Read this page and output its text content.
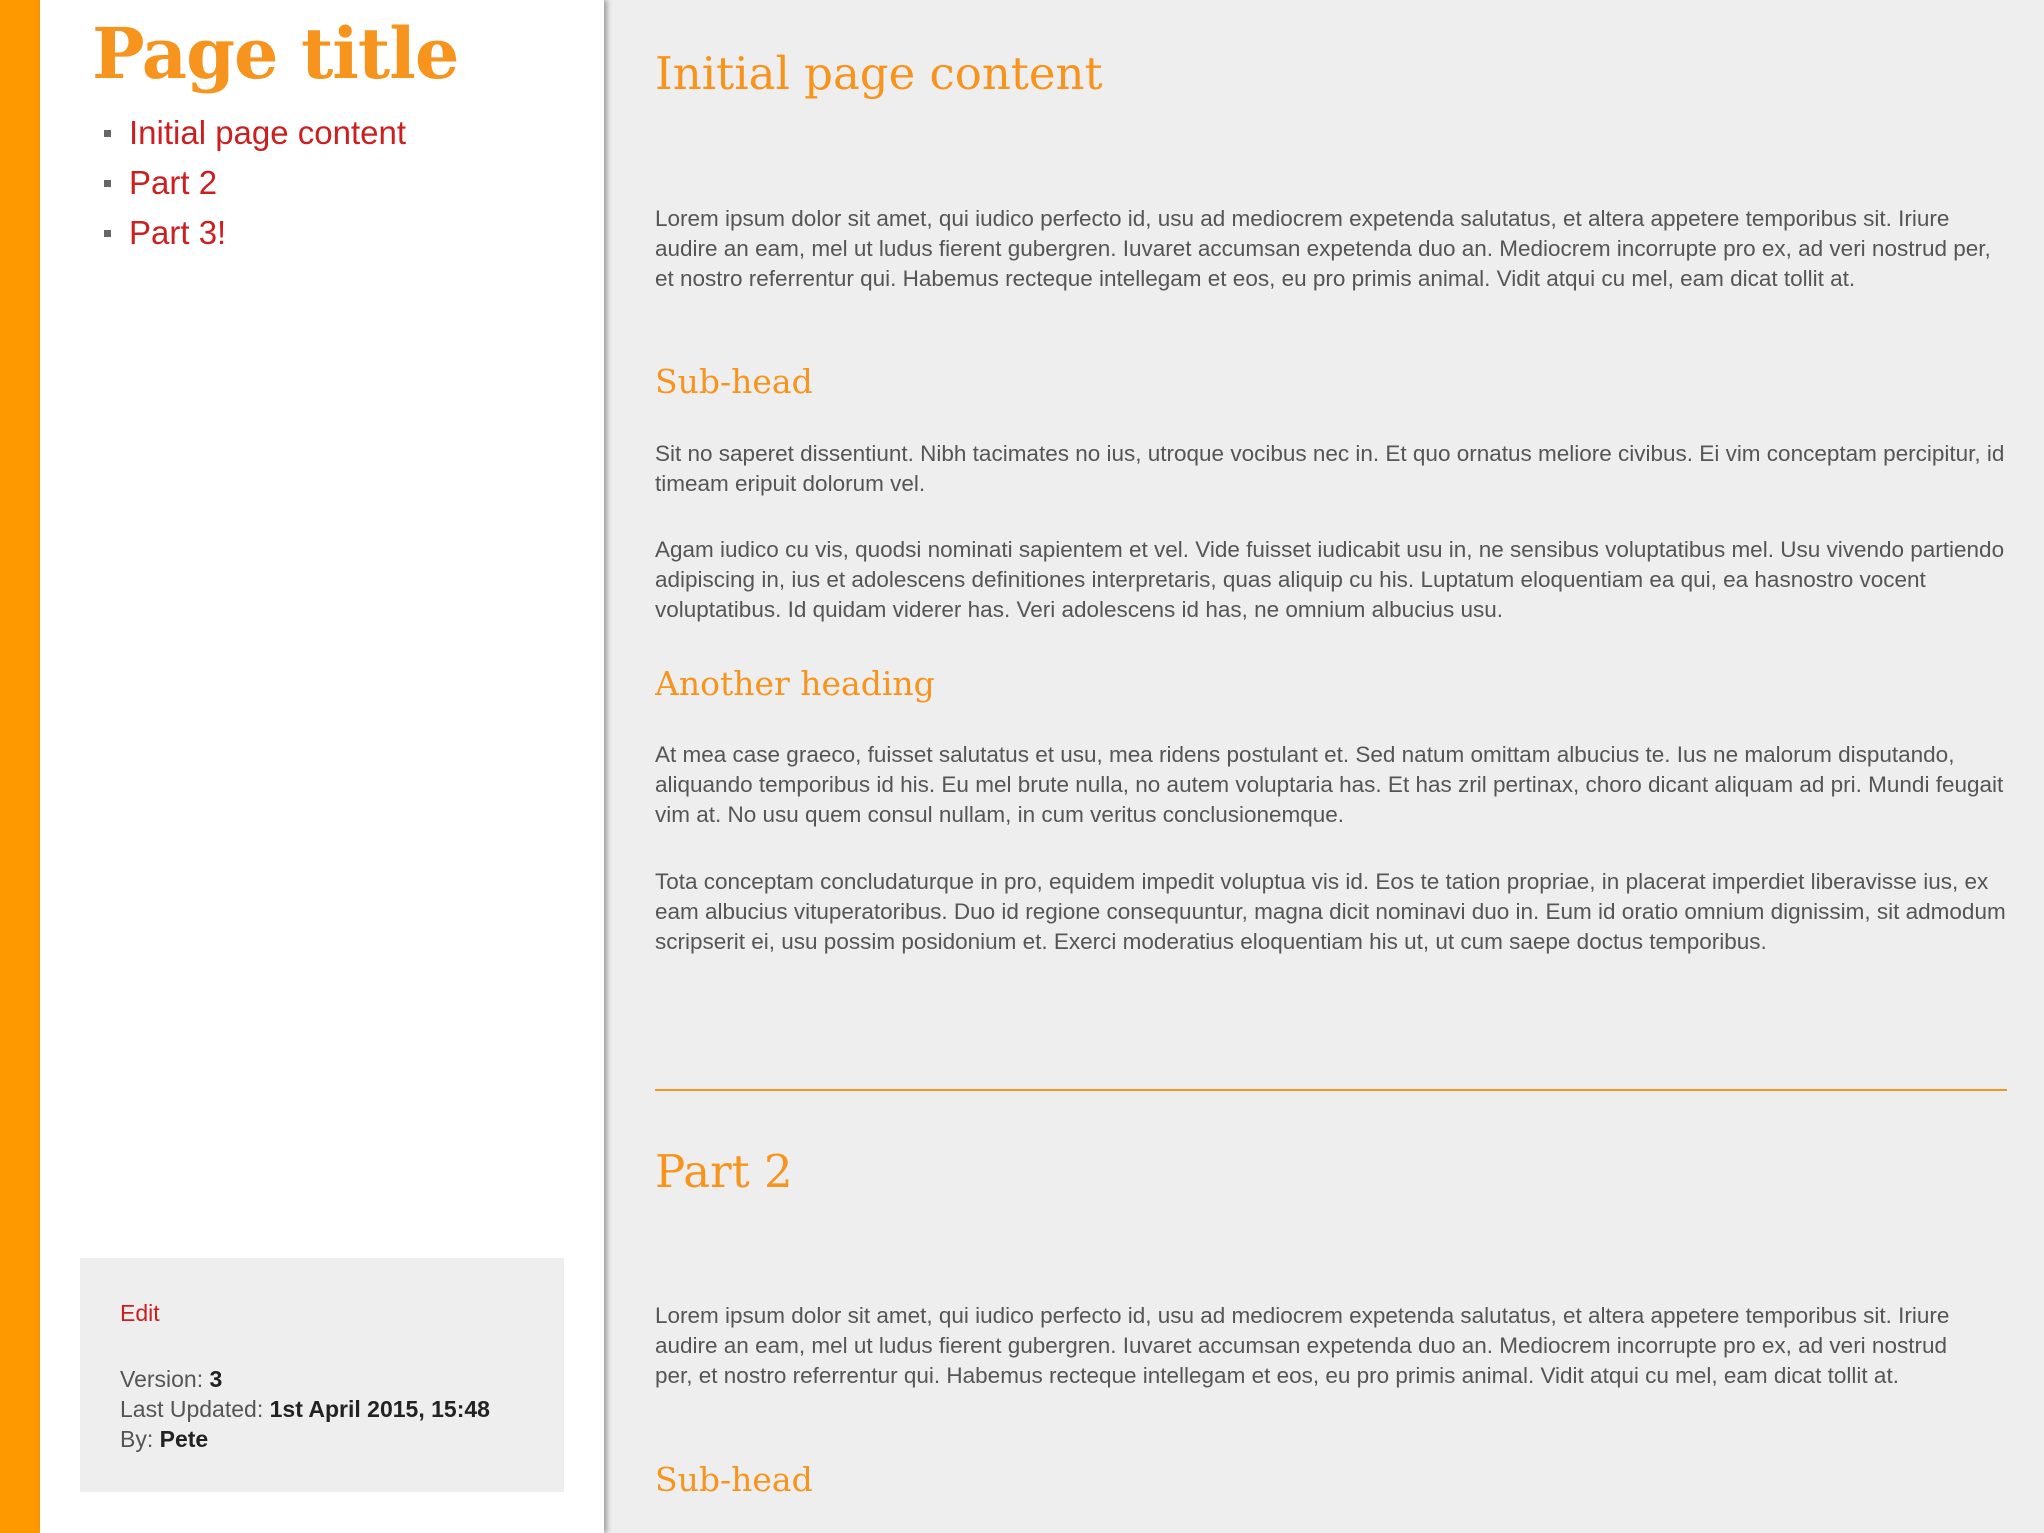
Page title
Initial page content
Part 2
Part 3!
Edit
Version: 3
Last Updated: 1st April 2015, 15:48
By: Pete
Initial page content

Lorem ipsum dolor sit amet, qui iudico perfecto id, usu ad mediocrem expetenda salutatus, et altera appetere temporibus sit. Iriure audire an eam, mel ut ludus fierent gubergren. Iuvaret accumsan expetenda duo an. Mediocrem incorrupte pro ex, ad veri nostrud per, et nostro referrentur qui. Habemus recteque intellegam et eos, eu pro primis animal. Vidit atqui cu mel, eam dicat tollit at.

Sub-head

Sit no saperet dissentiunt. Nibh tacimates no ius, utroque vocibus nec in. Et quo ornatus meliore civibus. Ei vim conceptam percipitur, id timeam eripuit dolorum vel.

Agam iudico cu vis, quodsi nominati sapientem et vel. Vide fuisset iudicabit usu in, ne sensibus voluptatibus mel. Usu vivendo partiendo adipiscing in, ius et adolescens definitiones interpretaris, quas aliquip cu his. Luptatum eloquentiam ea qui, ea hasnostro vocent voluptatibus. Id quidam viderer has. Veri adolescens id has, ne omnium albucius usu.

Another heading

At mea case graeco, fuisset salutatus et usu, mea ridens postulant et. Sed natum omittam albucius te. Ius ne malorum disputando, aliquando temporibus id his. Eu mel brute nulla, no autem voluptaria has. Et has zril pertinax, choro dicant aliquam ad pri. Mundi feugait vim at. No usu quem consul nullam, in cum veritus conclusionemque.

Tota conceptam concludaturque in pro, equidem impedit voluptua vis id. Eos te tation propriae, in placerat imperdiet liberavisse ius, ex eam albucius vituperatoribus. Duo id regione consequuntur, magna dicit nominavi duo in. Eum id oratio omnium dignissim, sit admodum scripserit ei, usu possim posidonium et. Exerci moderatius eloquentiam his ut, ut cum saepe doctus temporibus.

Part 2

Lorem ipsum dolor sit amet, qui iudico perfecto id, usu ad mediocrem expetenda salutatus, et altera appetere temporibus sit. Iriure audire an eam, mel ut ludus fierent gubergren. Iuvaret accumsan expetenda duo an. Mediocrem incorrupte pro ex, ad veri nostrud per, et nostro referrentur qui. Habemus recteque intellegam et eos, eu pro primis animal. Vidit atqui cu mel, eam dicat tollit at.

Sub-head
